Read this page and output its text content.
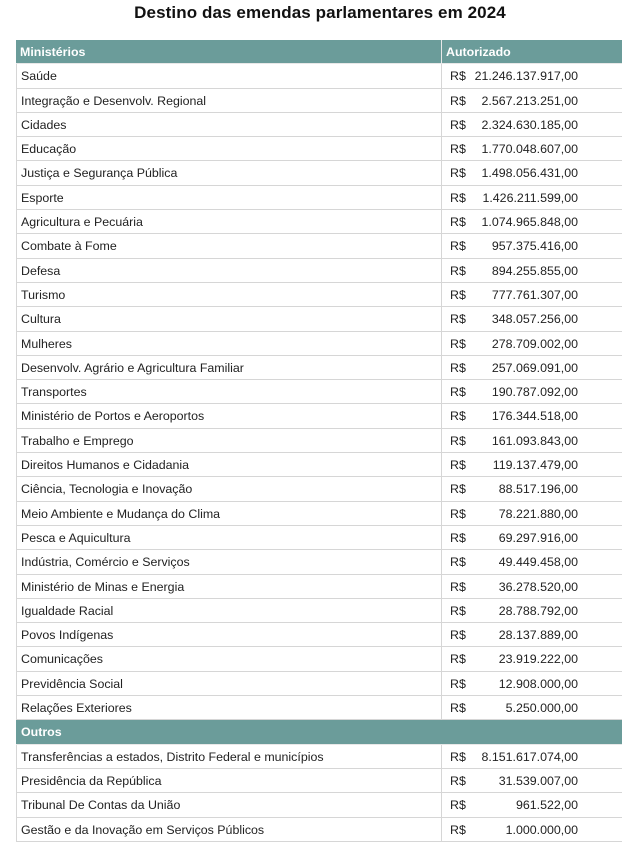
Destino das emendas parlamentares em 2024
Ministérios	Autorizado
Saúde	R$ 21.246.137.917,00
Integração e Desenvolv. Regional	R$	2.567.213.251,00
Cidades	R$	2.324.630.185,00
Educação	R$	1.770.048.607,00
Justiça e Segurança Pública	R$	1.498.056.431,00
Esporte	R$	1.426.211.599,00
Agricultura e Pecuária	R$	1.074.965.848,00
Combate à Fome	R$	957.375.416,00
Defesa	R$	894.255.855,00
Turismo	R$	777.761.307,00
Cultura	R$	348.057.256,00
Mulheres	R$	278.709.002,00
Desenvolv. Agrário e Agricultura Familiar	R$	257.069.091,00
Transportes	R$	190.787.092,00
Ministério de Portos e Aeroportos	R$	176.344.518,00
Trabalho e Emprego	R$	161.093.843,00
Direitos Humanos e Cidadania	R$	119.137.479,00
Ciência, Tecnologia e Inovação	R$	88.517.196,00
Meio Ambiente e Mudança do Clima	R$	78.221.880,00
Pesca e Aquicultura	R$	69.297.916,00
Indústria, Comércio e Serviços	R$	49.449.458,00
Ministério de Minas e Energia	R$	36.278.520,00
Igualdade Racial	R$	28.788.792,00
Povos Indígenas	R$	28.137.889,00
Comunicações	R$	23.919.222,00
Previdência Social	R$	12.908.000,00
Relações Exteriores	R$	5.250.000,00
Outros
Transferências a estados, Distrito Federal e municípios	R$	8.151.617.074,00
Presidência da República	R$	31.539.007,00
Tribunal De Contas da União	R$	961.522,00
Gestão e da Inovação em Serviços Públicos	R$	1.000.000,00
